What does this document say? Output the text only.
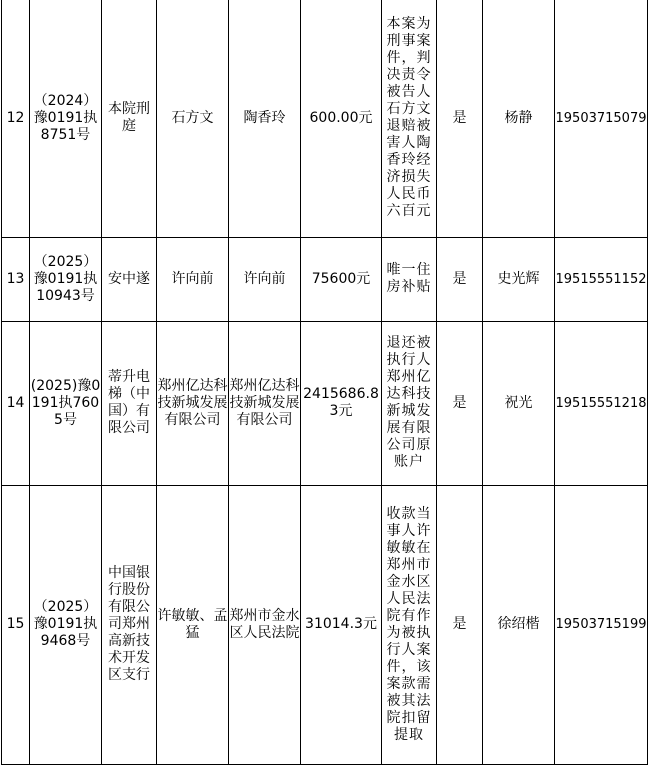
12	（2024）豫0191执8751号	本院刑庭	石方文	陶香玲	600.00元	本案为刑事案件，判决责令被告人石方文退赔被害人陶香玲经济损失人民币六百元	是	杨静	19503715079
13	（2025）豫0191执10943号	安中遂	许向前	许向前	75600元	唯一住房补贴	是	史光辉	19515551152
14	(2025)豫0191执7605号	蒂升电梯（中国）有限公司	郑州亿达科技新城发展有限公司	郑州亿达科技新城发展有限公司	2415686.83元	退还被执行人郑州亿达科技新城发展有限公司原账户	是	祝光	19515551218
15	（2025）豫0191执9468号	中国银行股份有限公司郑州高新技术开发区支行	许敏敏、孟猛	郑州市金水区人民法院	31014.3元	收款当事人许敏敏在郑州市金水区人民法院有作为被执行人案件，该案款需被其法院扣留提取	是	徐绍楷	19503715199
